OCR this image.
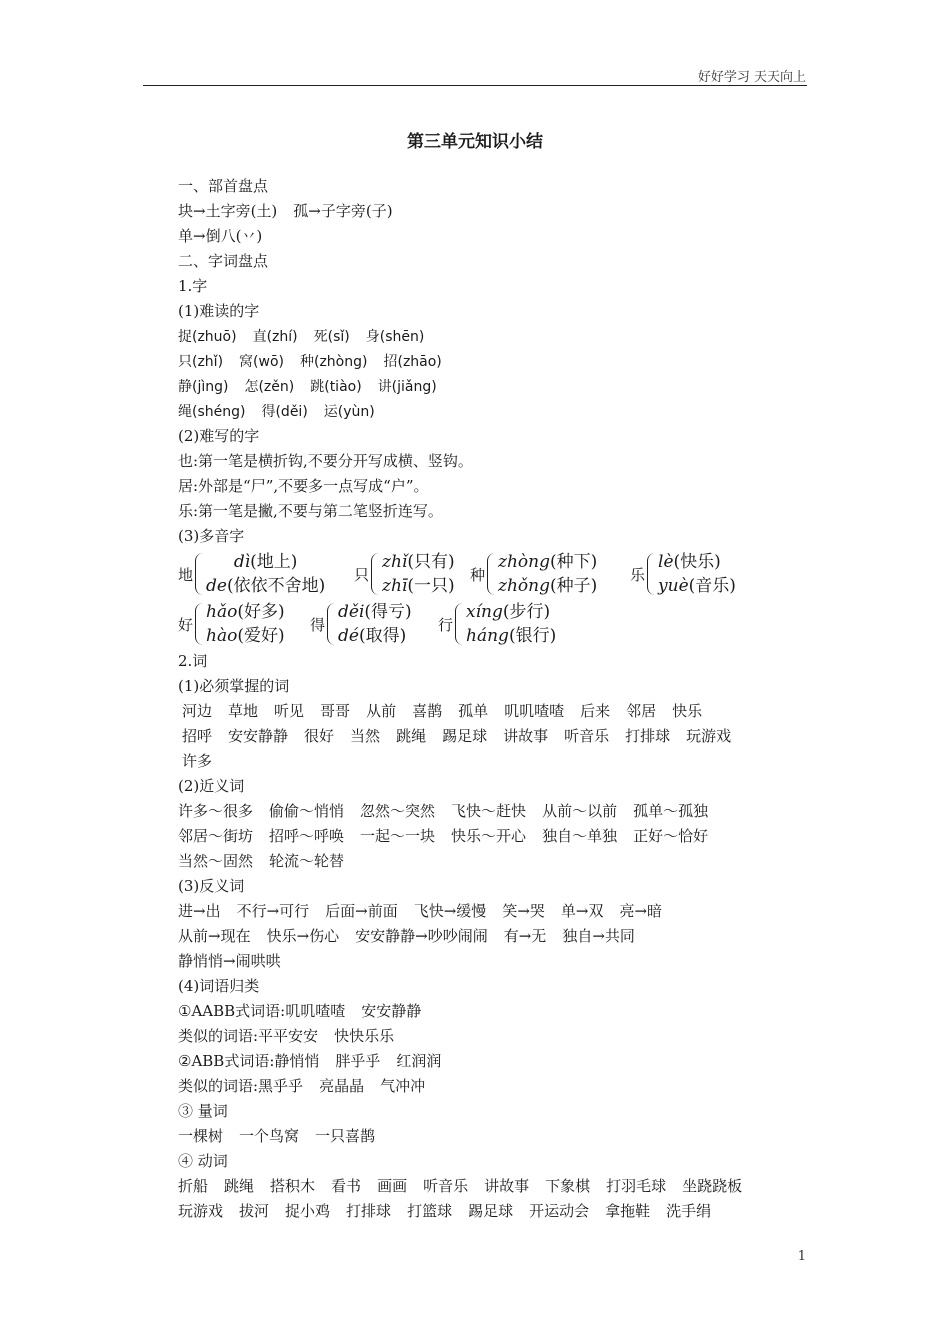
好好学习 天天向上
第三单元知识小结
一、部首盘点
块→土字旁(土) 孤→子字旁(子)
单→倒八(丷)
二、字词盘点
1.字
(1)难读的字
捉(zhuō) 直(zhí) 死(sǐ) 身(shēn)
只(zhǐ) 窝(wō) 种(zhòng) 招(zhāo)
静(jìng) 怎(zěn) 跳(tiào) 讲(jiǎng)
绳(shéng) 得(děi) 运(yùn)
(2)难写的字
也:第一笔是横折钩,不要分开写成横、竖钩。
居:外部是“尸”,不要多一点写成“户”。
乐:第一笔是撇,不要与第二笔竖折连写。
(3)多音字
地
dì(地上)
de(依依不舍地)
只
zhǐ(只有)
zhī(一只)
种
zhòng(种下)
zhǒng(种子)
乐
lè(快乐)
yuè(音乐)
好
hǎo(好多)
hào(爱好)
得
děi(得亏)
dé(取得)
行
xíng(步行)
háng(银行)
2.词
(1)必须掌握的词
河边 草地 听见 哥哥 从前 喜鹊 孤单 叽叽喳喳 后来 邻居 快乐
招呼 安安静静 很好 当然 跳绳 踢足球 讲故事 听音乐 打排球 玩游戏
许多
(2)近义词
许多～很多 偷偷～悄悄 忽然～突然 飞快～赶快 从前～以前 孤单～孤独
邻居～街坊 招呼～呼唤 一起～一块 快乐～开心 独自～单独 正好～恰好
当然～固然 轮流～轮替
(3)反义词
进→出 不行→可行 后面→前面 飞快→缓慢 笑→哭 单→双 亮→暗
从前→现在 快乐→伤心 安安静静→吵吵闹闹 有→无 独自→共同
静悄悄→闹哄哄
(4)词语归类
①AABB式词语:叽叽喳喳 安安静静
类似的词语:平平安安 快快乐乐
②ABB式词语:静悄悄 胖乎乎 红润润
类似的词语:黑乎乎 亮晶晶 气冲冲
③ 量词
一棵树 一个鸟窝 一只喜鹊
④ 动词
折船 跳绳 搭积木 看书 画画 听音乐 讲故事 下象棋 打羽毛球 坐跷跷板
玩游戏 拔河 捉小鸡 打排球 打篮球 踢足球 开运动会 拿拖鞋 洗手绢
1
